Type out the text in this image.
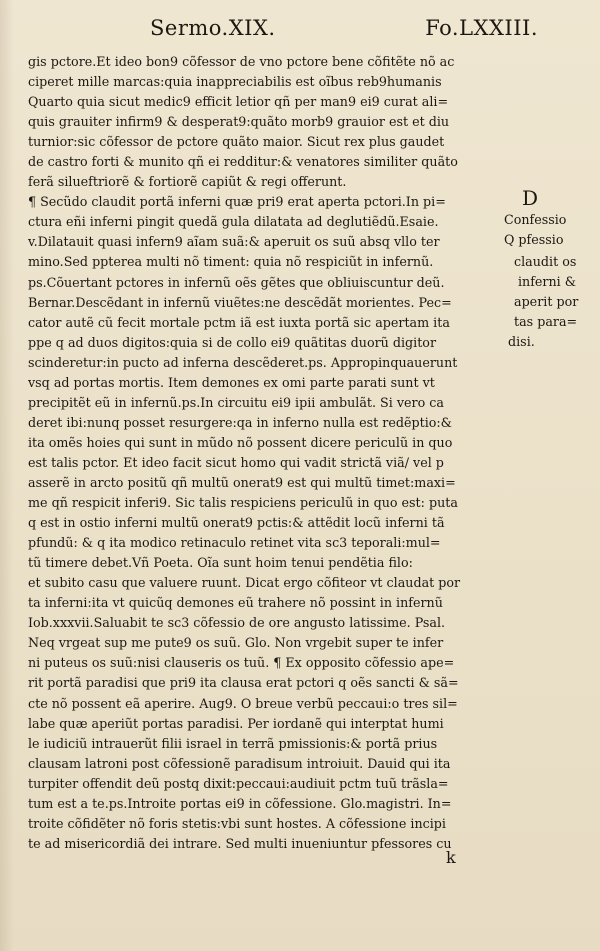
Sermo.XIX.	Fo.LXXIII.
gis pctore.Et ideo bon9 cõfessor de vno pctore bene cõfitẽte nõ ac
ciperet mille marcas:quia inappreciabilis est oĩbus reb9humanis
Quarto quia sicut medic9 efficit letior qñ per man9 ei9 curat ali=
quis grauiter infirm9 & desperat9:quãto morb9 grauior est et diu
turnior:sic cõfessor de pctore quãto maior. Sicut rex plus gaudet
de castro forti & munito qñ ei redditur:& venatores similiter quãto
ferã silueftriorẽ & fortiorẽ capiũt & regi offerunt.
¶ Secũdo claudit portã inferni quæ pri9 erat aperta pctori.In pi=
ctura eñi inferni pingit quedã gula dilatata ad deglutiẽdũ.Esaie.
v.Dilatauit quasi infern9 aĩam suã:& aperuit os suũ absq vllo ter
mino.Sed ppterea multi nõ timent: quia nõ respiciũt in infernũ.
ps.Cõuertant pctores in infernũ oẽs gẽtes que obliuiscuntur deũ.
Bernar.Descẽdant in infernũ viuẽtes:ne descẽdãt morientes. Pec=
cator autẽ cũ fecit mortale pctm iã est iuxta portã sic apertam ita
ppe q ad duos digitos:quia si de collo ei9 quãtitas duorũ digitor
scinderetur:in pucto ad inferna descẽderet.ps. Appropinquauerunt
vsq ad portas mortis. Item demones ex omi parte parati sunt vt
precipitẽt eũ in infernũ.ps.In circuitu ei9 ipii ambulãt. Si vero ca
deret ibi:nunq posset resurgere:qa in inferno nulla est redẽptio:&
ita omẽs hoies qui sunt in mũdo nõ possent dicere periculũ in quo
est talis pctor. Et ideo facit sicut homo qui vadit strictã viã/ vel p
asserẽ in arcto positũ qñ multũ onerat9 est qui multũ timet:maxi=
me qñ respicit inferi9. Sic talis respiciens periculũ in quo est: puta
q est in ostio inferni multũ onerat9 pctis:& attẽdit locũ inferni tã
pfundũ: & q ita modico retinaculo retinet vita sc3 teporali:mul=
tũ timere debet.Vñ Poeta. Oĩa sunt hoim tenui pendẽtia filo:
et subito casu que valuere ruunt. Dicat ergo cõfiteor vt claudat por
ta inferni:ita vt quicũq demones eũ trahere nõ possint in infernũ
Iob.xxxvii.Saluabit te sc3 cõfessio de ore angusto latissime. Psal.
Neq vrgeat sup me pute9 os suũ. Glo. Non vrgebit super te infer
ni puteus os suũ:nisi clauseris os tuũ. ¶ Ex opposito cõfessio ape=
rit portã paradisi que pri9 ita clausa erat pctori q oẽs sancti & sã=
cte nõ possent eã aperire. Aug9. O breue verbũ peccaui:o tres sil=
labe quæ aperiũt portas paradisi. Per iordanẽ qui interptat humi
le iudiciũ intrauerũt filii israel in terrã pmissionis:& portã prius
clausam latroni post cõfessionẽ paradisum introiuit. Dauid qui ita
turpiter offendit deũ postq dixit:peccaui:audiuit pctm tuũ trãsla=
tum est a te.ps.Introite portas ei9 in cõfessione. Glo.magistri. In=
troite cõfidẽter nõ foris stetis:vbi sunt hostes. A cõfessione incipi
te ad misericordiã dei intrare. Sed multi inueniuntur pfessores cu
D
Confessio
Q pfessio
claudit os
inferni &
aperit por
tas para=
disi.
k
